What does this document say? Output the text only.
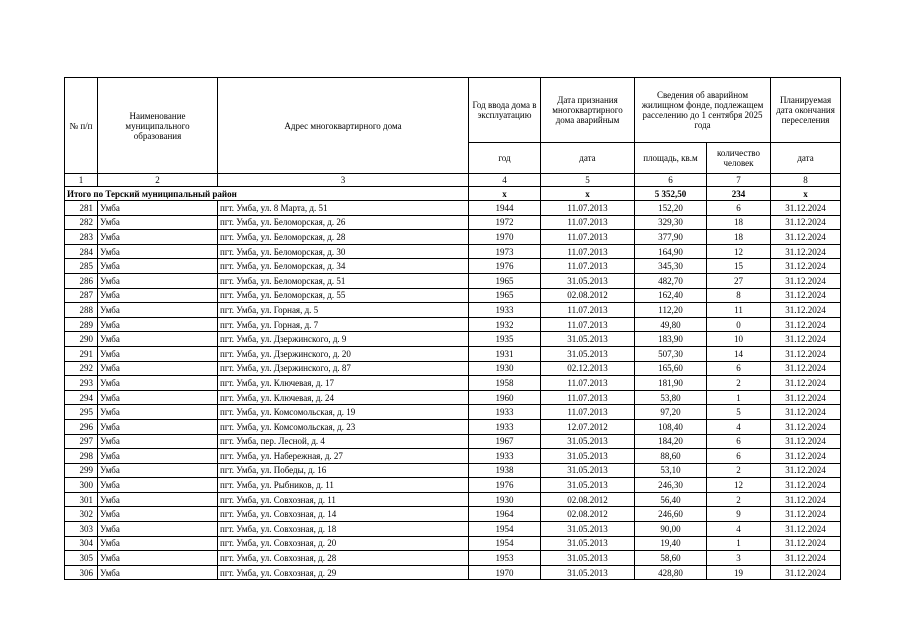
№ п/п	Наименование муниципального образования	Адрес многоквартирного дома	Год ввода дома в эксплуатацию	Дата признания многоквартирного дома аварийным	Сведения об аварийном жилищном фонде, подлежащем расселению до 1 сентября 2025 года		Планируемая дата окончания переселения
			год	дата	площадь, кв.м	количество человек	дата
1	2	3	4	5	6	7	8
Итого по Терский муниципальный район			x	x	5 352,50	234	x
281	Умба	пгт. Умба, ул. 8 Марта, д. 51	1944	11.07.2013	152,20	6	31.12.2024
282	Умба	пгт. Умба, ул. Беломорская, д. 26	1972	11.07.2013	329,30	18	31.12.2024
283	Умба	пгт. Умба, ул. Беломорская, д. 28	1970	11.07.2013	377,90	18	31.12.2024
284	Умба	пгт. Умба, ул. Беломорская, д. 30	1973	11.07.2013	164,90	12	31.12.2024
285	Умба	пгт. Умба, ул. Беломорская, д. 34	1976	11.07.2013	345,30	15	31.12.2024
286	Умба	пгт. Умба, ул. Беломорская, д. 51	1965	31.05.2013	482,70	27	31.12.2024
287	Умба	пгт. Умба, ул. Беломорская, д. 55	1965	02.08.2012	162,40	8	31.12.2024
288	Умба	пгт. Умба, ул. Горная, д. 5	1933	11.07.2013	112,20	11	31.12.2024
289	Умба	пгт. Умба, ул. Горная, д. 7	1932	11.07.2013	49,80	0	31.12.2024
290	Умба	пгт. Умба, ул. Дзержинского, д. 9	1935	31.05.2013	183,90	10	31.12.2024
291	Умба	пгт. Умба, ул. Дзержинского, д. 20	1931	31.05.2013	507,30	14	31.12.2024
292	Умба	пгт. Умба, ул. Дзержинского, д. 87	1930	02.12.2013	165,60	6	31.12.2024
293	Умба	пгт. Умба, ул. Ключевая, д. 17	1958	11.07.2013	181,90	2	31.12.2024
294	Умба	пгт. Умба, ул. Ключевая, д. 24	1960	11.07.2013	53,80	1	31.12.2024
295	Умба	пгт. Умба, ул. Комсомольская, д. 19	1933	11.07.2013	97,20	5	31.12.2024
296	Умба	пгт. Умба, ул. Комсомольская, д. 23	1933	12.07.2012	108,40	4	31.12.2024
297	Умба	пгт. Умба, пер. Лесной, д. 4	1967	31.05.2013	184,20	6	31.12.2024
298	Умба	пгт. Умба, ул. Набережная, д. 27	1933	31.05.2013	88,60	6	31.12.2024
299	Умба	пгт. Умба, ул. Победы, д. 16	1938	31.05.2013	53,10	2	31.12.2024
300	Умба	пгт. Умба, ул. Рыбников, д. 11	1976	31.05.2013	246,30	12	31.12.2024
301	Умба	пгт. Умба, ул. Совхозная, д. 11	1930	02.08.2012	56,40	2	31.12.2024
302	Умба	пгт. Умба, ул. Совхозная, д. 14	1964	02.08.2012	246,60	9	31.12.2024
303	Умба	пгт. Умба, ул. Совхозная, д. 18	1954	31.05.2013	90,00	4	31.12.2024
304	Умба	пгт. Умба, ул. Совхозная, д. 20	1954	31.05.2013	19,40	1	31.12.2024
305	Умба	пгт. Умба, ул. Совхозная, д. 28	1953	31.05.2013	58,60	3	31.12.2024
306	Умба	пгт. Умба, ул. Совхозная, д. 29	1970	31.05.2013	428,80	19	31.12.2024
